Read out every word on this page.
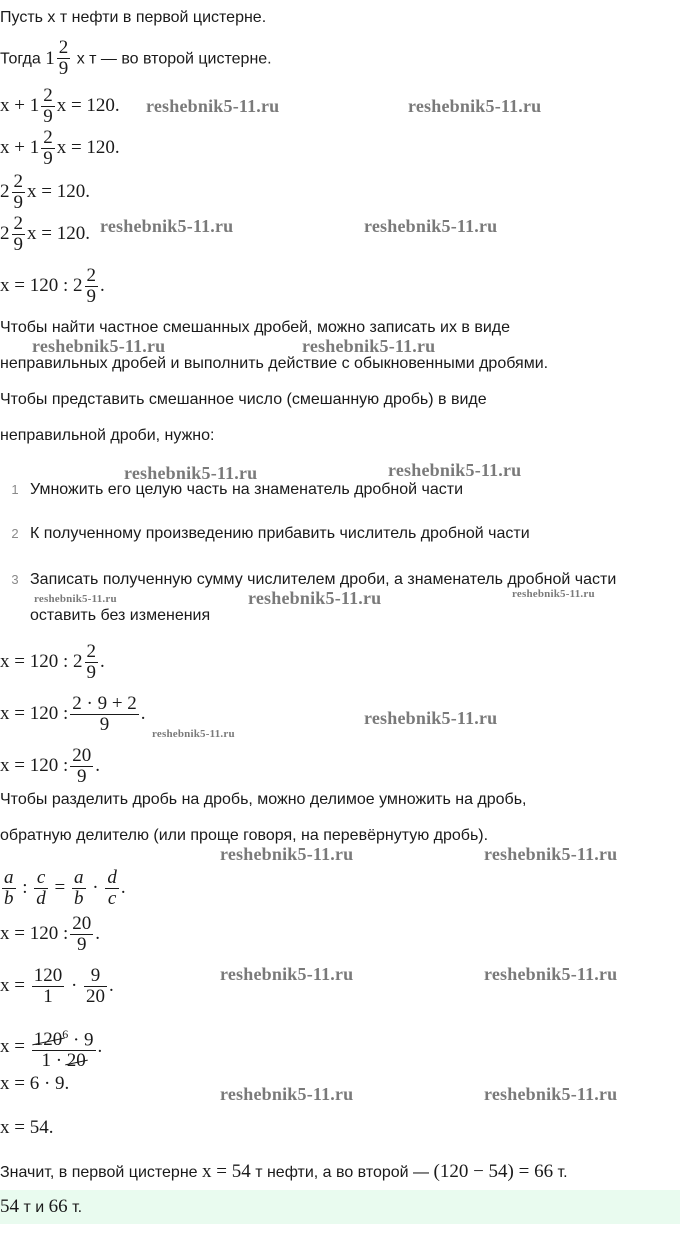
Пусть x т нефти в первой цистерне.
Тогда $1 \frac{2}{9}$ x т — во второй цистерне.
$x + 1 \frac{2}{9}$ x = 120.
$x + 1 \frac{2}{9}$ x = 120.
$2 \frac{2}{9}$ x = 120.
$2 \frac{2}{9}$ x = 120.
x = 120 : $2 \frac{2}{9}$ .
Чтобы найти частное смешанных дробей, можно записать их в виде
неправильных дробей и выполнить действие с обыкновенными дробями.
Чтобы представить смешанное число (смешанную дробь) в виде
неправильной дроби, нужно:
1 Умножить его целую часть на знаменатель дробной части
2 К полученному произведению прибавить числитель дробной части
3 Записать полученную сумму числителем дроби, а знаменатель дробной части оставить без изменения
x = 120 : $2 \frac{2}{9}$ .
x = 120 : $\frac{2 \cdot 9 + 2}{9}$ .
x = 120 : $\frac{20}{9}$ .
Чтобы разделить дробь на дробь, можно делимое умножить на дробь,
обратную делителю (или проще говоря, на перевёрнутую дробь).
$\frac{a}{b}$ : $\frac{c}{d} = \frac{a}{b} \cdot \frac{d}{c}$ .
x = 120 : $\frac{20}{9}$ .
$x = \frac{120}{1} \cdot \frac{9}{20}$ .
$x = \frac{120^6 \cdot 9}{1 \cdot 20}$ .
x = 6 · 9.
x = 54.
Значит, в первой цистерне x = 54 т нефти, а во второй — (120 − 54) = 66 т.
54 т и 66 т.
reshebnik5-11.ru	reshebnik5-11.ru
reshebnik5-11.ru	reshebnik5-11.ru
reshebnik5-11.ru	reshebnik5-11.ru
reshebnik5-11.ru	reshebnik5-11.ru
reshebnik5-11.ru	reshebnik5-11.ru	reshebnik5-11.ru
reshebnik5-11.ru
reshebnik5-11.ru
reshebnik5-11.ru	reshebnik5-11.ru
reshebnik5-11.ru	reshebnik5-11.ru
reshebnik5-11.ru	reshebnik5-11.ru
